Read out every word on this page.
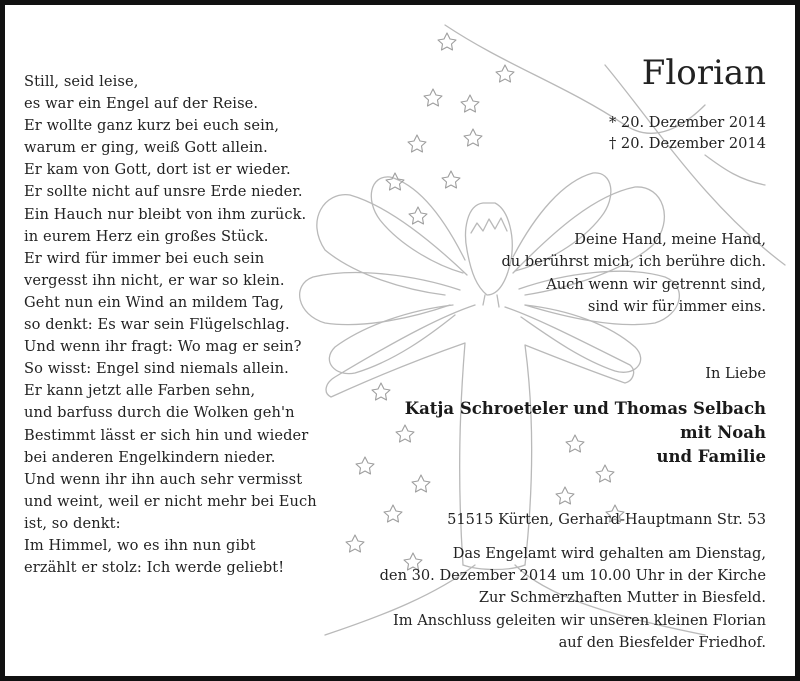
Still, seid leise,
es war ein Engel auf der Reise.
Er wollte ganz kurz bei euch sein,
warum er ging, weiß Gott allein.
Er kam von Gott, dort ist er wieder.
Er sollte nicht auf unsre Erde nieder.
Ein Hauch nur bleibt von ihm zurück.
in eurem Herz ein großes Stück.
Er wird für immer bei euch sein
vergesst ihn nicht, er war so klein.
Geht nun ein Wind an mildem Tag,
so denkt: Es war sein Flügelschlag.
Und wenn ihr fragt: Wo mag er sein?
So wisst: Engel sind niemals allein.
Er kann jetzt alle Farben sehn,
und barfuss durch die Wolken geh'n
Bestimmt lässt er sich hin und wieder
bei anderen Engelkindern nieder.
Und wenn ihr ihn auch sehr vermisst
und weint, weil er nicht mehr bei Euch
ist, so denkt:
Im Himmel, wo es ihn nun gibt
erzählt er stolz: Ich werde geliebt!
Florian
* 20. Dezember 2014
† 20. Dezember 2014
Deine Hand, meine Hand,
du berührst mich, ich berühre dich.
Auch wenn wir getrennt sind,
sind wir für immer eins.
In Liebe
Katja Schroeteler und Thomas Selbach
mit Noah
und Familie
51515 Kürten, Gerhard-Hauptmann Str. 53
Das Engelamt wird gehalten am Dienstag,
den 30. Dezember 2014 um 10.00 Uhr in der Kirche
Zur Schmerzhaften Mutter in Biesfeld.
Im Anschluss geleiten wir unseren kleinen Florian
auf den Biesfelder Friedhof.
